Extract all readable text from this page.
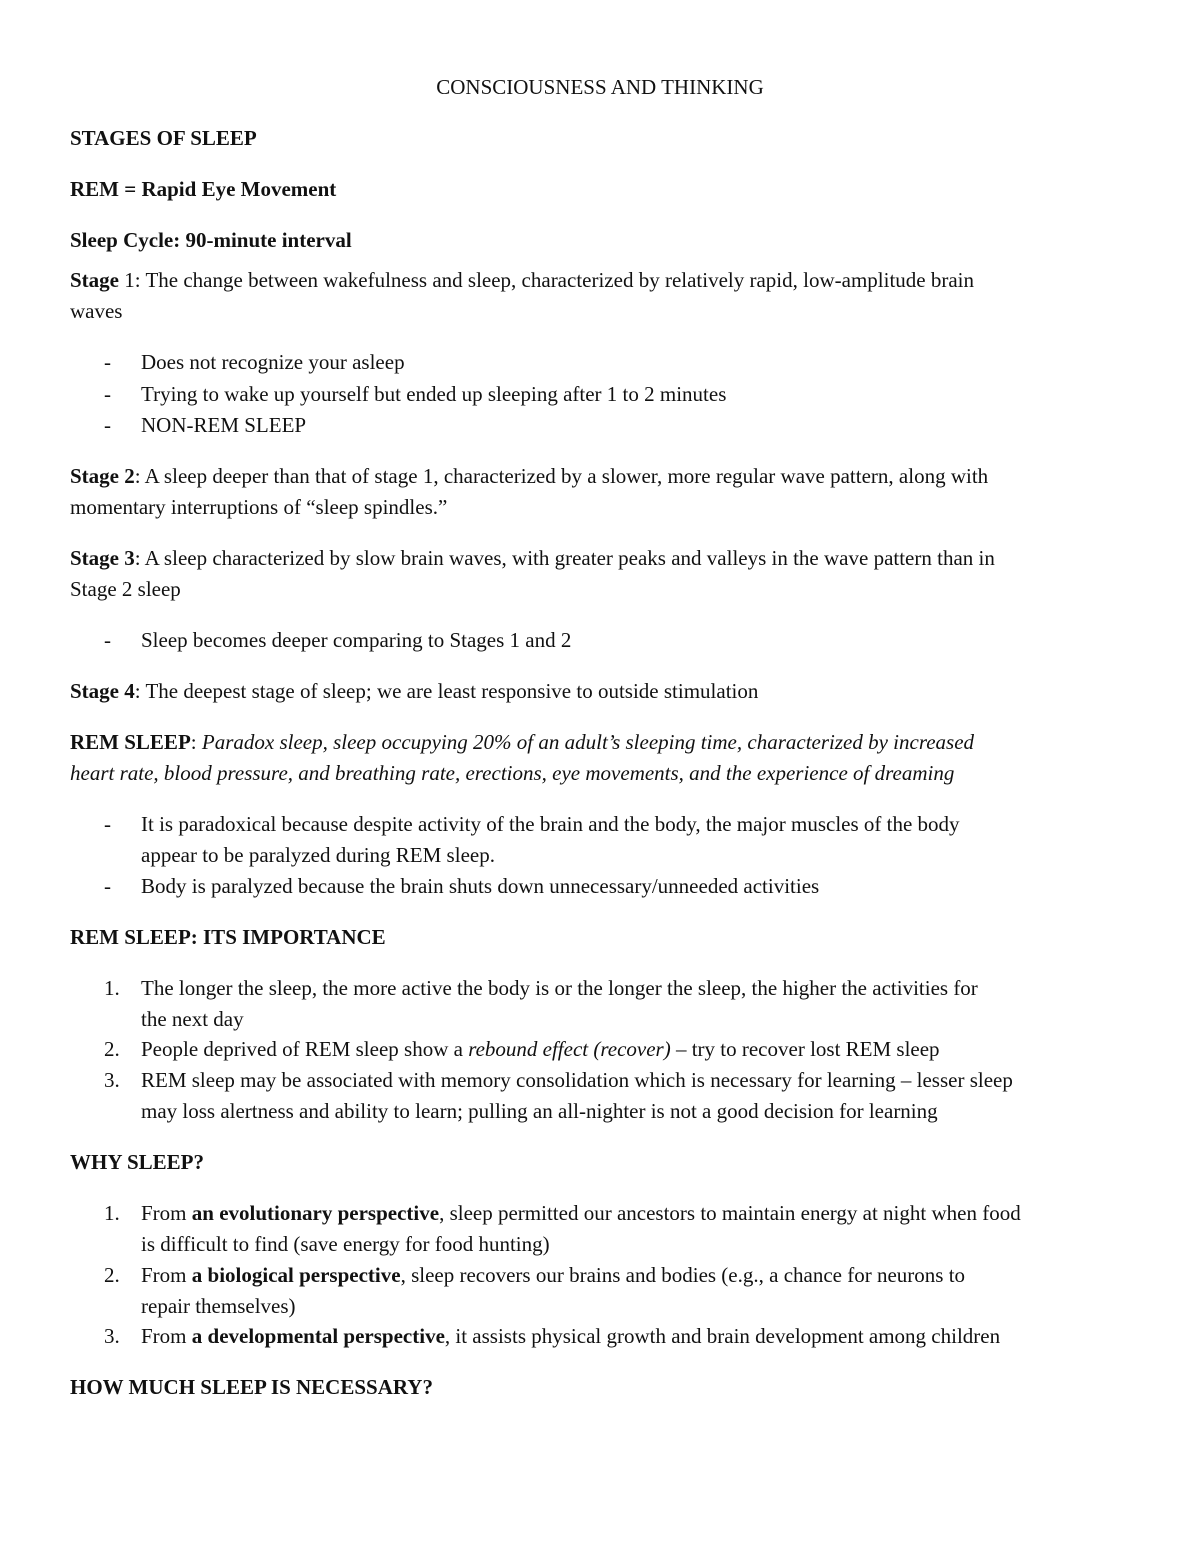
CONSCIOUSNESS AND THINKING
STAGES OF SLEEP
REM = Rapid Eye Movement
Sleep Cycle: 90-minute interval
Stage 1: The change between wakefulness and sleep, characterized by relatively rapid, low-amplitude brain
waves
- Does not recognize your asleep
- Trying to wake up yourself but ended up sleeping after 1 to 2 minutes
- NON-REM SLEEP
Stage 2: A sleep deeper than that of stage 1, characterized by a slower, more regular wave pattern, along with
momentary interruptions of “sleep spindles.”
Stage 3: A sleep characterized by slow brain waves, with greater peaks and valleys in the wave pattern than in
Stage 2 sleep
- Sleep becomes deeper comparing to Stages 1 and 2
Stage 4: The deepest stage of sleep; we are least responsive to outside stimulation
REM SLEEP: Paradox sleep, sleep occupying 20% of an adult’s sleeping time, characterized by increased
heart rate, blood pressure, and breathing rate, erections, eye movements, and the experience of dreaming
- It is paradoxical because despite activity of the brain and the body, the major muscles of the body
appear to be paralyzed during REM sleep.
- Body is paralyzed because the brain shuts down unnecessary/unneeded activities
REM SLEEP: ITS IMPORTANCE
1. The longer the sleep, the more active the body is or the longer the sleep, the higher the activities for
the next day
2. People deprived of REM sleep show a rebound effect (recover) – try to recover lost REM sleep
3. REM sleep may be associated with memory consolidation which is necessary for learning – lesser sleep
may loss alertness and ability to learn; pulling an all-nighter is not a good decision for learning
WHY SLEEP?
1. From an evolutionary perspective, sleep permitted our ancestors to maintain energy at night when food
is difficult to find (save energy for food hunting)
2. From a biological perspective, sleep recovers our brains and bodies (e.g., a chance for neurons to
repair themselves)
3. From a developmental perspective, it assists physical growth and brain development among children
HOW MUCH SLEEP IS NECESSARY?
